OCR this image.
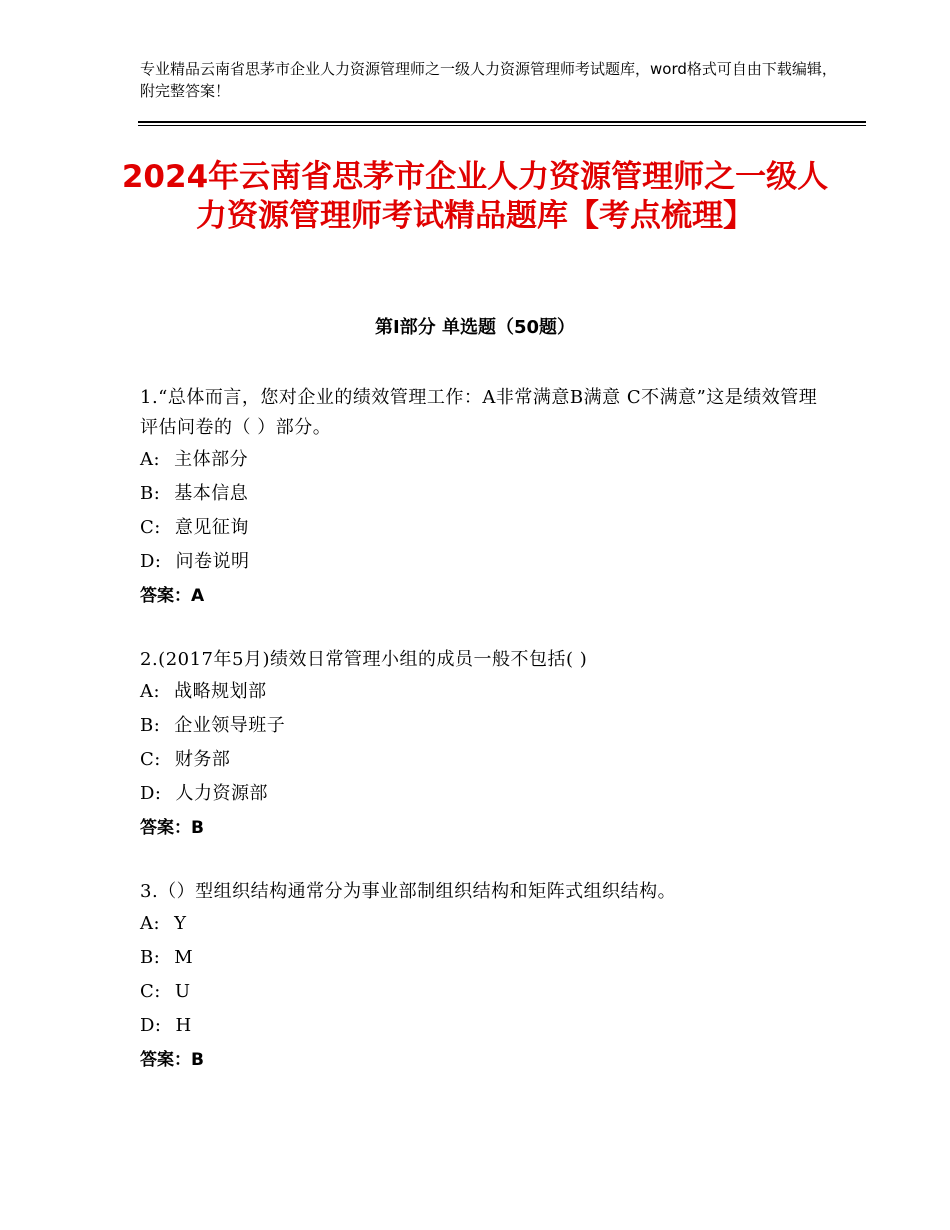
专业精品云南省思茅市企业人力资源管理师之一级人力资源管理师考试题库，word格式可自由下载编辑，附完整答案！
2024年云南省思茅市企业人力资源管理师之一级人力资源管理师考试精品题库【考点梳理】
第Ⅰ部分 单选题（50题）
1.“总体而言，您对企业的绩效管理工作：A非常满意B满意 C不满意”这是绩效管理评估问卷的（ ）部分。
A: 主体部分
B: 基本信息
C: 意见征询
D: 问卷说明
答案：A
2.(2017年5月)绩效日常管理小组的成员一般不包括( )
A: 战略规划部
B: 企业领导班子
C: 财务部
D: 人力资源部
答案：B
3.（）型组织结构通常分为事业部制组织结构和矩阵式组织结构。
A: Y
B: M
C: U
D: H
答案：B
